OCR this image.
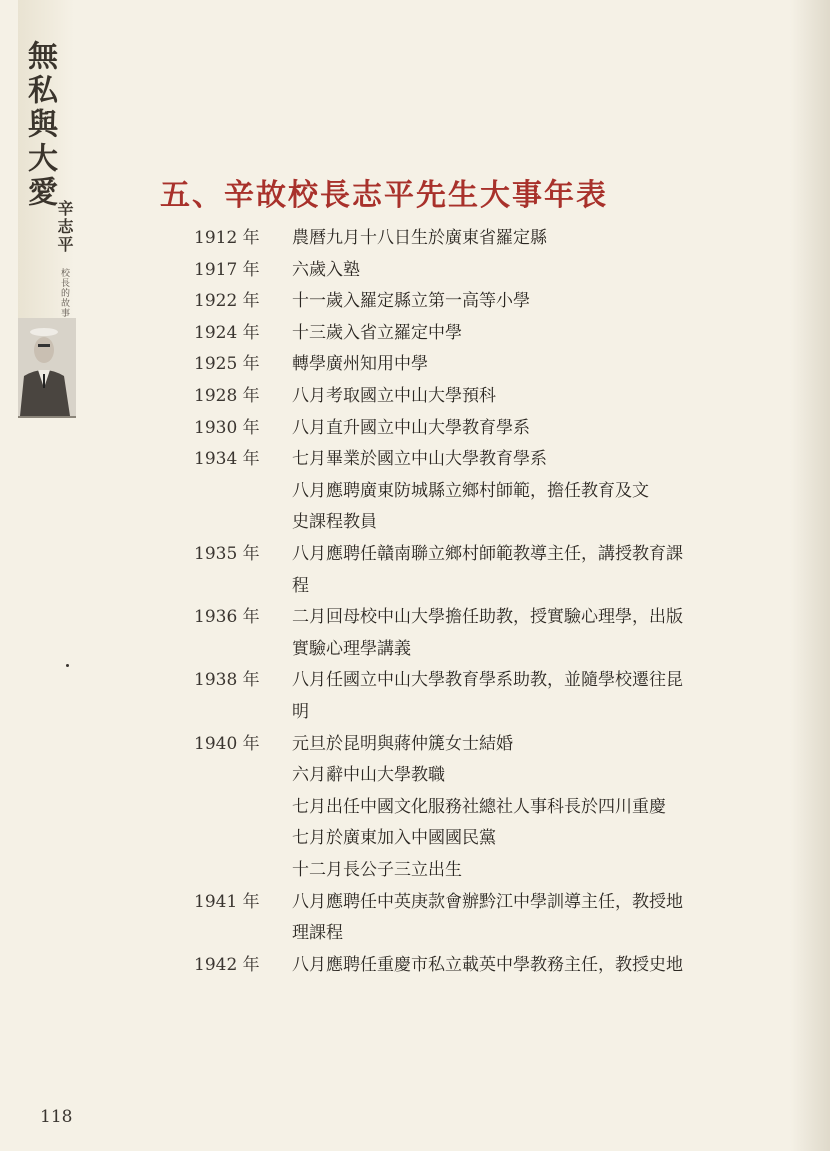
無私與大愛
辛志平
校長的故事
五、辛故校長志平先生大事年表
1912 年	農曆九月十八日生於廣東省羅定縣
1917 年	六歲入塾
1922 年	十一歲入羅定縣立第一高等小學
1924 年	十三歲入省立羅定中學
1925 年	轉學廣州知用中學
1928 年	八月考取國立中山大學預科
1930 年	八月直升國立中山大學教育學系
1934 年	七月畢業於國立中山大學教育學系
八月應聘廣東防城縣立鄉村師範，擔任教育及文
史課程教員
1935 年	八月應聘任贛南聯立鄉村師範教導主任，講授教育課
程
1936 年	二月回母校中山大學擔任助教，授實驗心理學，出版
實驗心理學講義
1938 年	八月任國立中山大學教育學系助教，並隨學校遷往昆
明
1940 年	元旦於昆明與蔣仲篪女士結婚
六月辭中山大學教職
七月出任中國文化服務社總社人事科長於四川重慶
七月於廣東加入中國國民黨
十二月長公子三立出生
1941 年	八月應聘任中英庚款會辦黔江中學訓導主任，教授地
理課程
1942 年	八月應聘任重慶市私立載英中學教務主任，教授史地
118
